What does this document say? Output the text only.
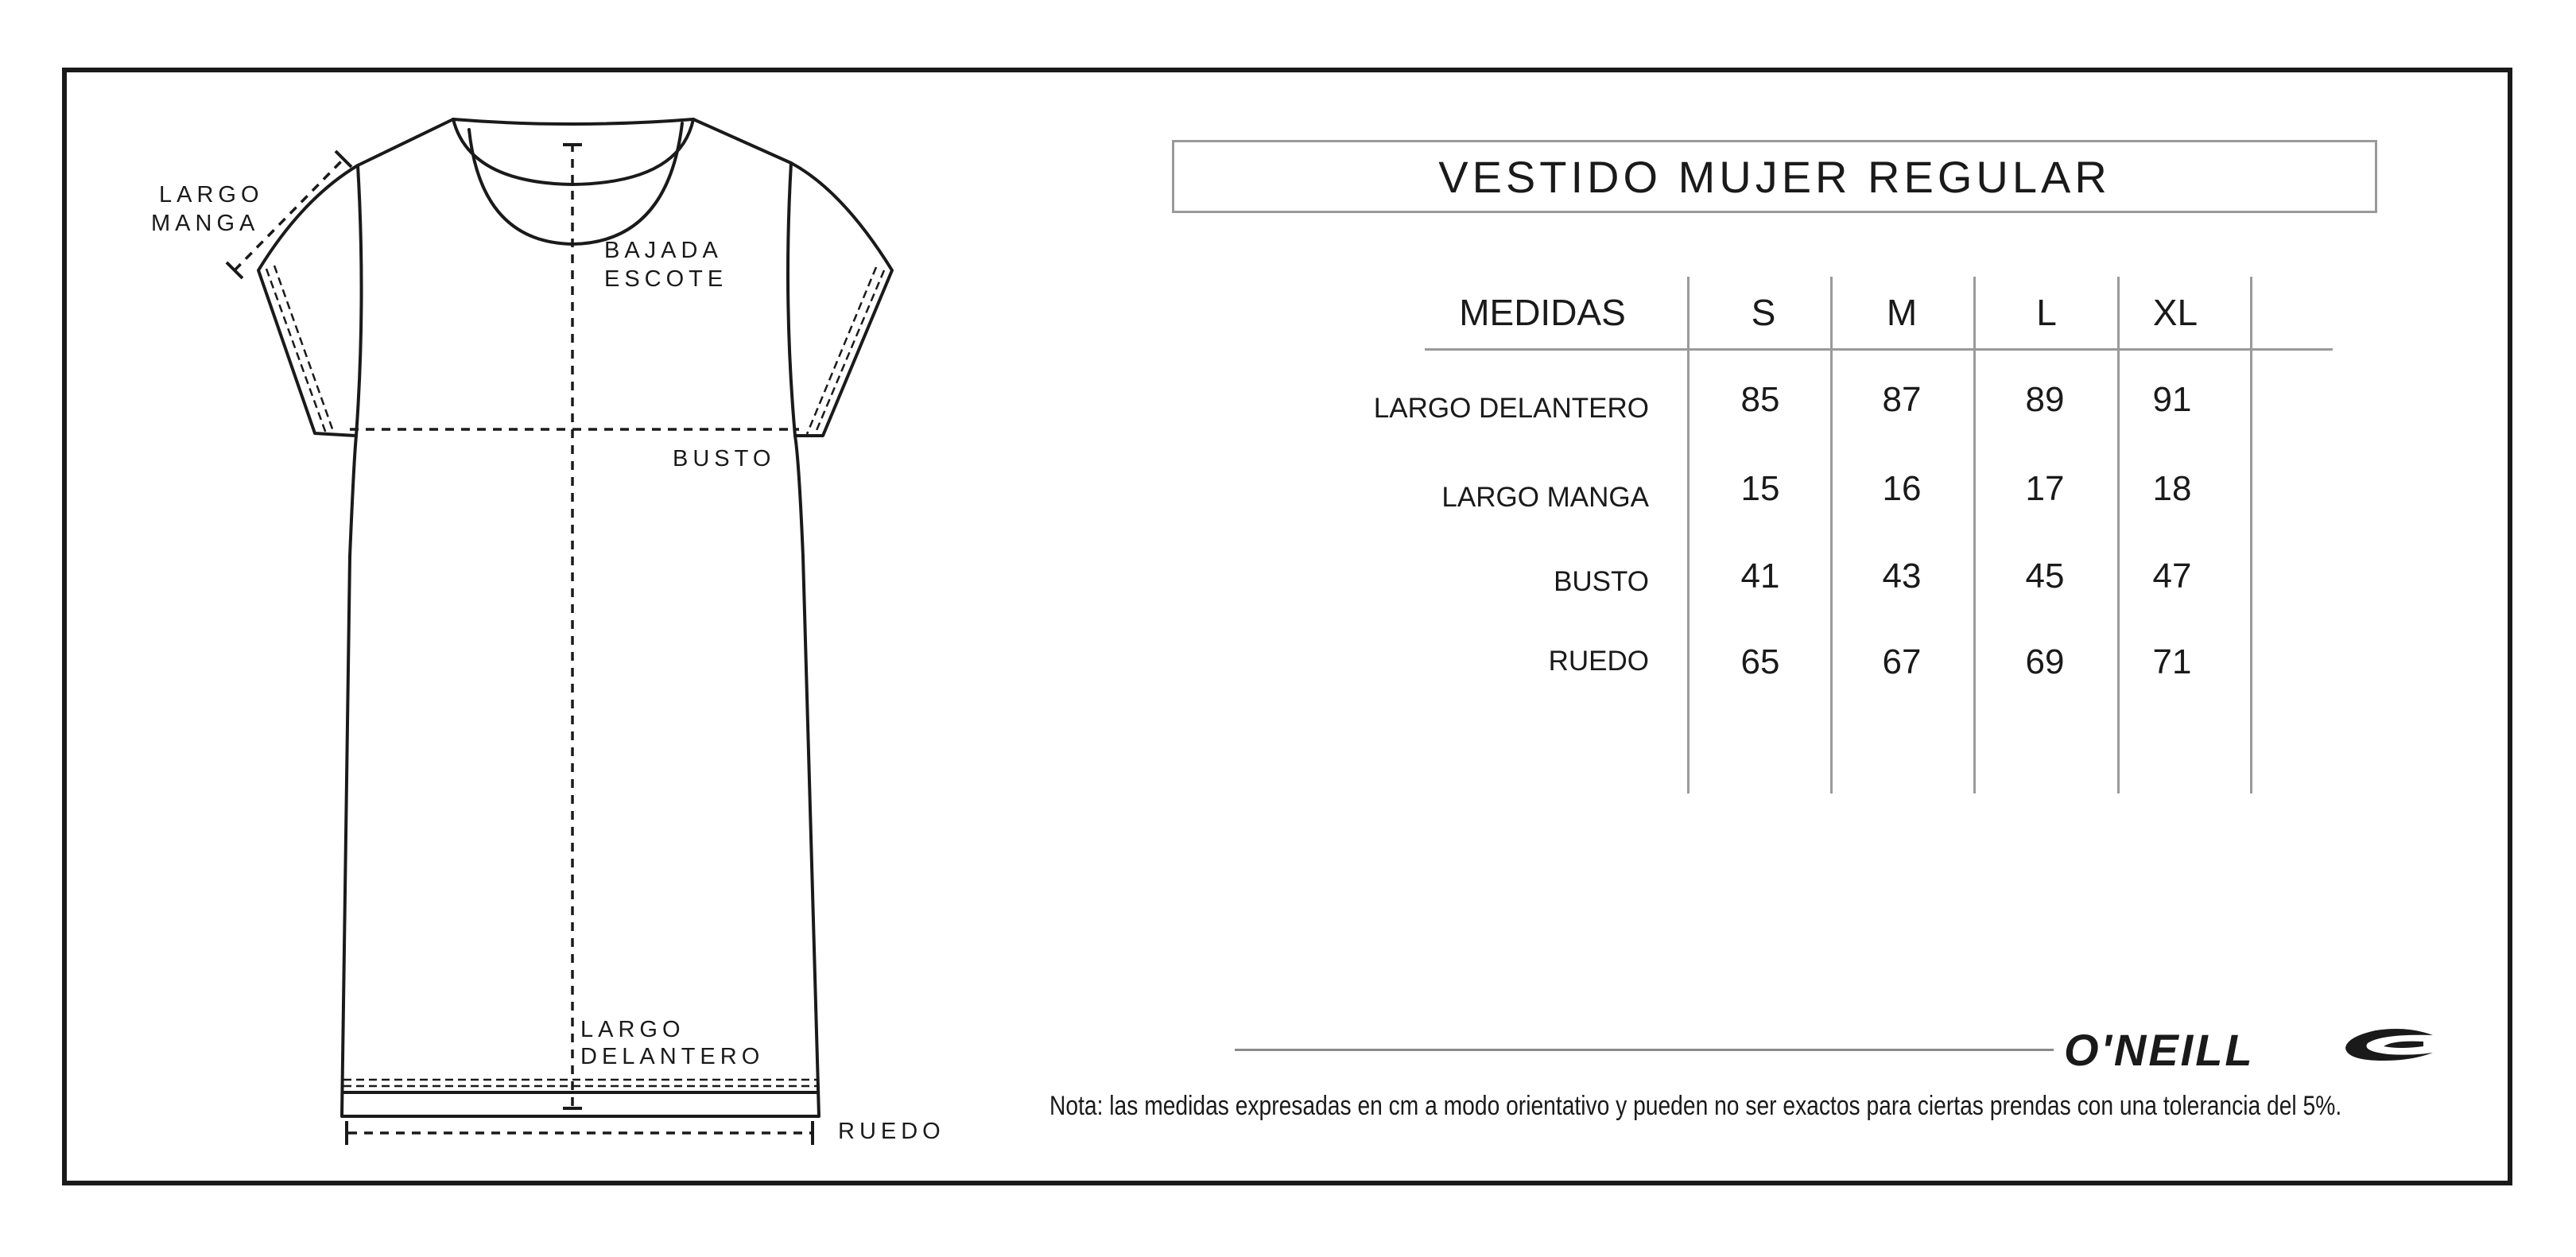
LARGO
MANGA
BAJADA
ESCOTE
BUSTO
LARGO
DELANTERO
RUEDO
VESTIDO MUJER REGULAR
MEDIDAS	S	M	L	XL
LARGO DELANTERO	85	87	89	91
LARGO MANGA	15	16	17	18
BUSTO	41	43	45	47
RUEDO	65	67	69	71
O'NEILL
Nota: las medidas expresadas en cm a modo orientativo y pueden no ser exactos para ciertas prendas con una tolerancia del 5%.
